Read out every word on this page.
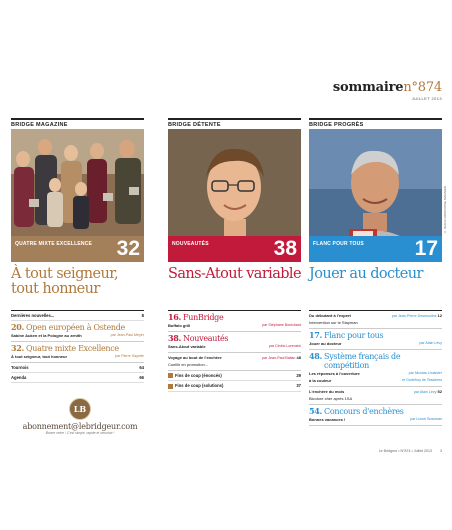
sommairen°874
JUILLET 2013
BRIDGE MAGAZINE
QUATRE MIXTE EXCELLENCE 32
À tout seigneur, tout honneur
BRIDGE DÉTENTE
NOUVEAUTÉS	38
Sans-Atout variable
BRIDGE PROGRÈS
© JEAN-CHRISTOPHE MAGNIEN
FLANC POUR TOUS 17
Jouer au docteur
Dernières nouvelles...	8
20. Open européen à Ostende
Sabine Auken et la Pologne au zenith	par Jean-Paul Meyer
32. Quatre mixte Excellence
À tout seigneur, tout honneur	par Pierre Sayette
Tournois	64
Agenda	66
16. FunBridge
Buffalo grill	par Stéphane Bonichard
38. Nouveautés
Sans-Atout variable	par Cédric Lorenzini
Voyage au bout de l'enchère	par Jean-Paul Balian 48
Cueillir en promotion...
Fins de coup (énoncés)	29
Fins de coup (solutions)	37
Du débutant à l'expert	par Jean-Pierre Desmoulins 12
Intervention sur le Stayman
17. Flanc pour tous
Jouer au docteur	par Alain Lévy
48. Système français de compétition
Les réponses à l'ouverture	par Nicolas Lhuissier
à la couleur	et Godefroy de Tessières
L'enchère du mois	par Alain Lévy 52
Bicolore cher après 1SA
54. Concours d'enchères
Bonnes vacances !	par Lionel Sussman
LB
abonnement@lebridgeur.com
Bonne veine ! C'est simple, rapide et sécurisé !
Le Bridgeur • N°874 • Juillet 2013 3
